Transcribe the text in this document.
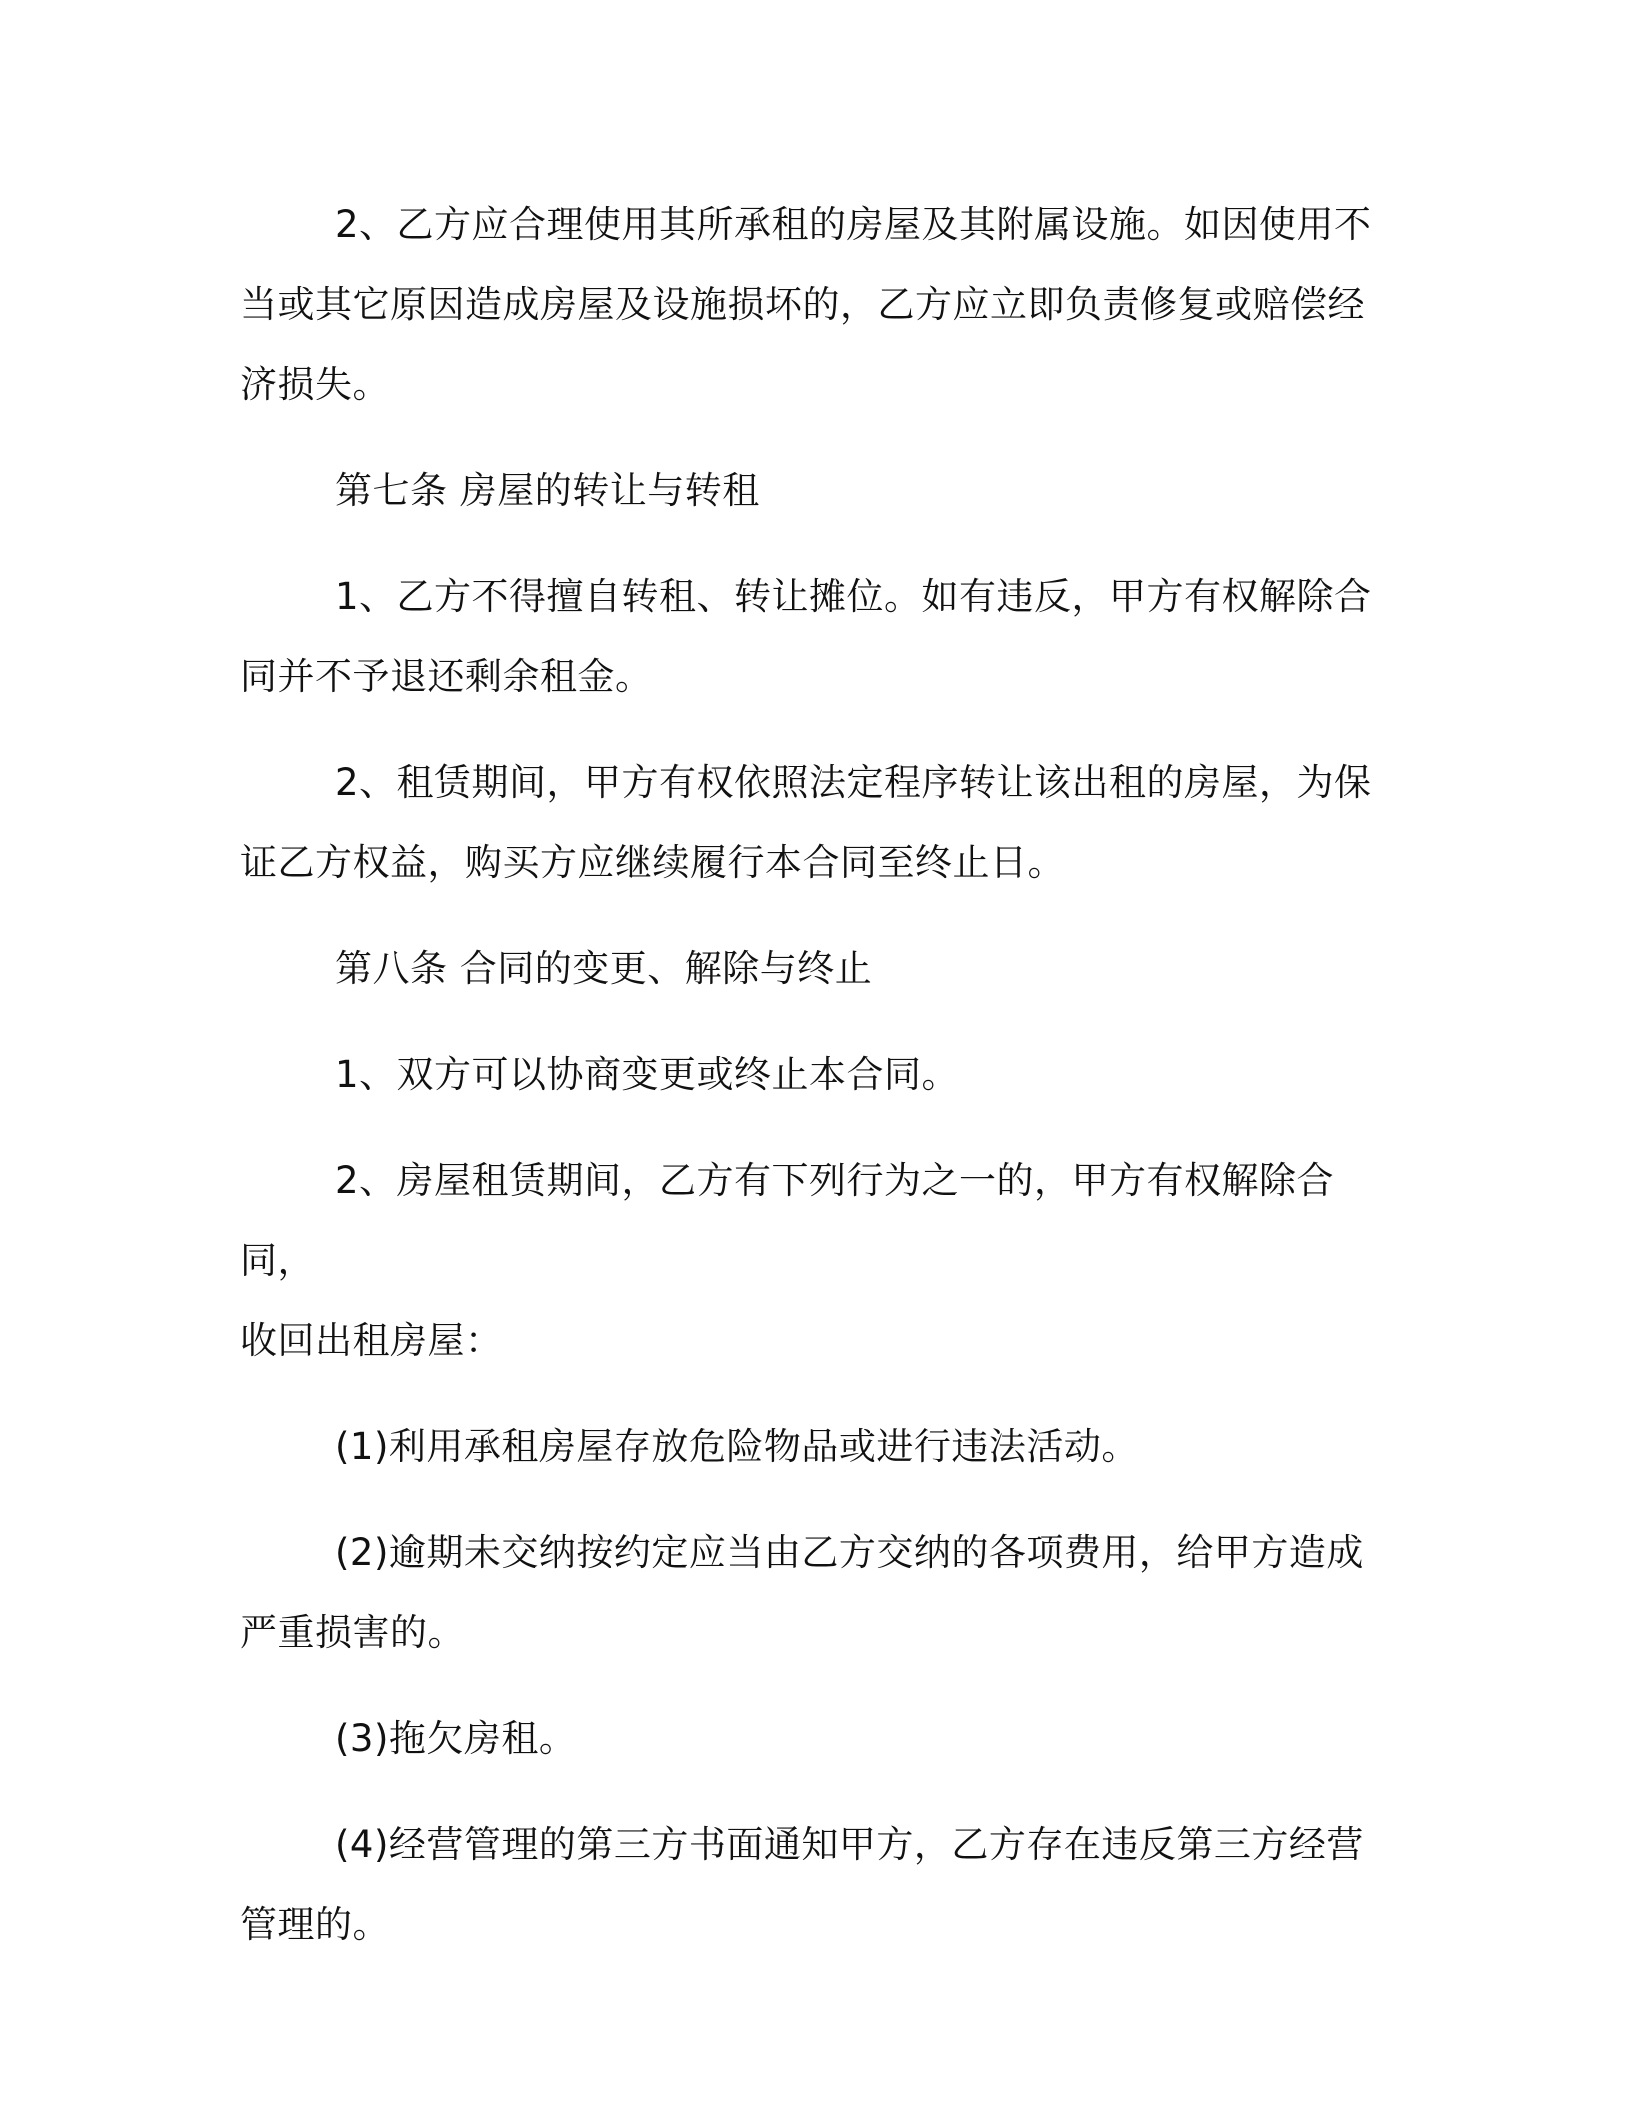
2、乙方应合理使用其所承租的房屋及其附属设施。如因使用不
当或其它原因造成房屋及设施损坏的，乙方应立即负责修复或赔偿经
济损失。

第七条 房屋的转让与转租

1、乙方不得擅自转租、转让摊位。如有违反，甲方有权解除合
同并不予退还剩余租金。

2、租赁期间，甲方有权依照法定程序转让该出租的房屋，为保
证乙方权益，购买方应继续履行本合同至终止日。

第八条 合同的变更、解除与终止

1、双方可以协商变更或终止本合同。

2、房屋租赁期间，乙方有下列行为之一的，甲方有权解除合同，
收回出租房屋：

(1)利用承租房屋存放危险物品或进行违法活动。

(2)逾期未交纳按约定应当由乙方交纳的各项费用，给甲方造成
严重损害的。

(3)拖欠房租。

(4)经营管理的第三方书面通知甲方，乙方存在违反第三方经营
管理的。
